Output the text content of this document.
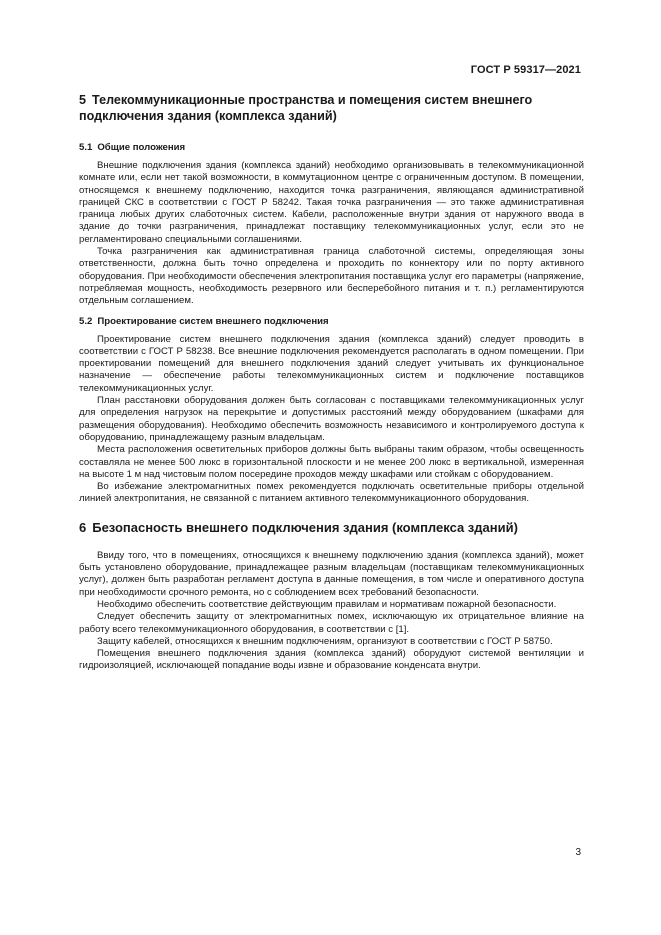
ГОСТ Р 59317—2021
5 Телекоммуникационные пространства и помещения систем внешнего подключения здания (комплекса зданий)
5.1 Общие положения

Внешние подключения здания (комплекса зданий) необходимо организовывать в телекоммуникационной комнате или, если нет такой возможности, в коммутационном центре с ограниченным доступом. В помещении, относящемся к внешнему подключению, находится точка разграничения, являющаяся административной границей СКС в соответствии с ГОСТ Р 58242. Такая точка разграничения — это также административная граница любых других слаботочных систем. Кабели, расположенные внутри здания от наружного ввода в здание до точки разграничения, принадлежат поставщику телекоммуникационных услуг, если это не регламентировано специальными соглашениями.

Точка разграничения как административная граница слаботочной системы, определяющая зоны ответственности, должна быть точно определена и проходить по коннектору или по порту активного оборудования. При необходимости обеспечения электропитания поставщика услуг его параметры (напряжение, потребляемая мощность, необходимость резервного или бесперебойного питания и т. п.) регламентируются отдельным соглашением.

5.2 Проектирование систем внешнего подключения

Проектирование систем внешнего подключения здания (комплекса зданий) следует проводить в соответствии с ГОСТ Р 58238. Все внешние подключения рекомендуется располагать в одном помещении. При проектировании помещений для внешнего подключения зданий следует учитывать их функциональное назначение — обеспечение работы телекоммуникационных систем и подключение поставщиков телекоммуникационных услуг.

План расстановки оборудования должен быть согласован с поставщиками телекоммуникационных услуг для определения нагрузок на перекрытие и допустимых расстояний между оборудованием (шкафами для размещения оборудования). Необходимо обеспечить возможность независимого и контролируемого доступа к оборудованию, принадлежащему разным владельцам.

Места расположения осветительных приборов должны быть выбраны таким образом, чтобы освещенность составляла не менее 500 люкс в горизонтальной плоскости и не менее 200 люкс в вертикальной, измеренная на высоте 1 м над чистовым полом посередине проходов между шкафами или стойкам с оборудованием.

Во избежание электромагнитных помех рекомендуется подключать осветительные приборы отдельной линией электропитания, не связанной с питанием активного телекоммуникационного оборудования.

6 Безопасность внешнего подключения здания (комплекса зданий)

Ввиду того, что в помещениях, относящихся к внешнему подключению здания (комплекса зданий), может быть установлено оборудование, принадлежащее разным владельцам (поставщикам телекоммуникационных услуг), должен быть разработан регламент доступа в данные помещения, в том числе и оперативного доступа при необходимости срочного ремонта, но с соблюдением всех требований безопасности.

Необходимо обеспечить соответствие действующим правилам и нормативам пожарной безопасности.

Следует обеспечить защиту от электромагнитных помех, исключающую их отрицательное влияние на работу всего телекоммуникационного оборудования, в соответствии с [1].

Защиту кабелей, относящихся к внешним подключениям, организуют в соответствии с ГОСТ Р 58750.

Помещения внешнего подключения здания (комплекса зданий) оборудуют системой вентиляции и гидроизоляцией, исключающей попадание воды извне и образование конденсата внутри.

3
